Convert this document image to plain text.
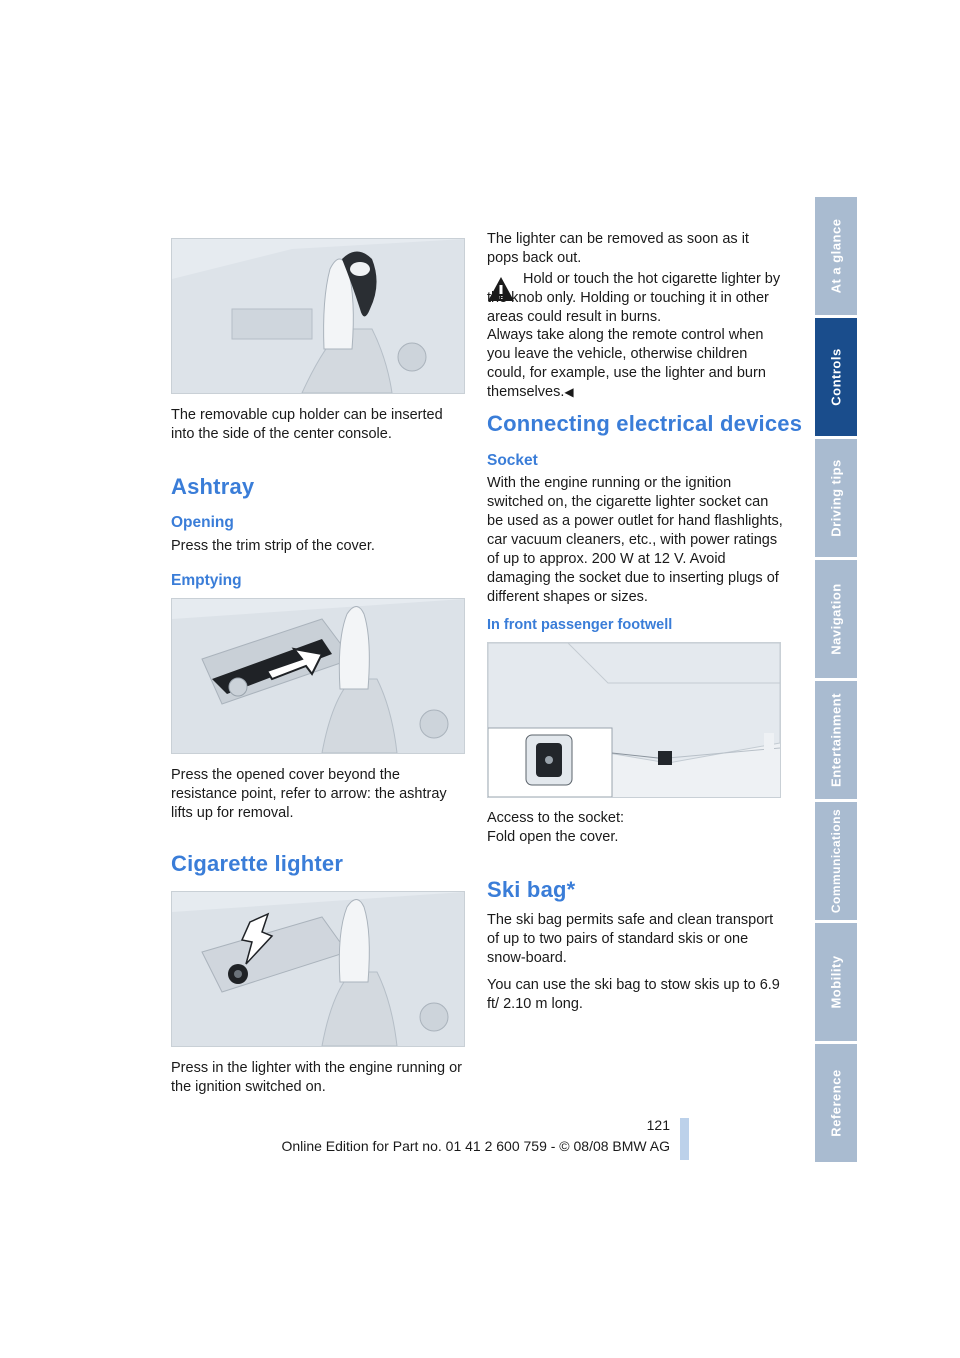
The removable cup holder can be inserted into the side of the center console.

Ashtray
Opening

Press the trim strip of the cover.

Emptying

Press the opened cover beyond the resistance point, refer to arrow: the ashtray lifts up for removal.

Cigarette lighter

Press in the lighter with the engine running or the ignition switched on.

The lighter can be removed as soon as it pops back out.

Hold or touch the hot cigarette lighter by the knob only. Holding or touching it in other areas could result in burns.

Always take along the remote control when you leave the vehicle, otherwise children could, for example, use the lighter and burn themselves.◀

Connecting electrical devices
Socket

With the engine running or the ignition switched on, the cigarette lighter socket can be used as a power outlet for hand flashlights, car vacuum cleaners, etc., with power ratings of up to approx. 200 W at 12 V. Avoid damaging the socket due to inserting plugs of different shapes or sizes.

In front passenger footwell

Access to the socket:

Fold open the cover.

Ski bag*

The ski bag permits safe and clean transport of up to two pairs of standard skis or one snow-board.

You can use the ski bag to stow skis up to 6.9 ft/ 2.10 m long.

At a glance
Controls
Driving tips
Navigation
Entertainment
Communications
Mobility
Reference
121
Online Edition for Part no. 01 41 2 600 759 - © 08/08 BMW AG
